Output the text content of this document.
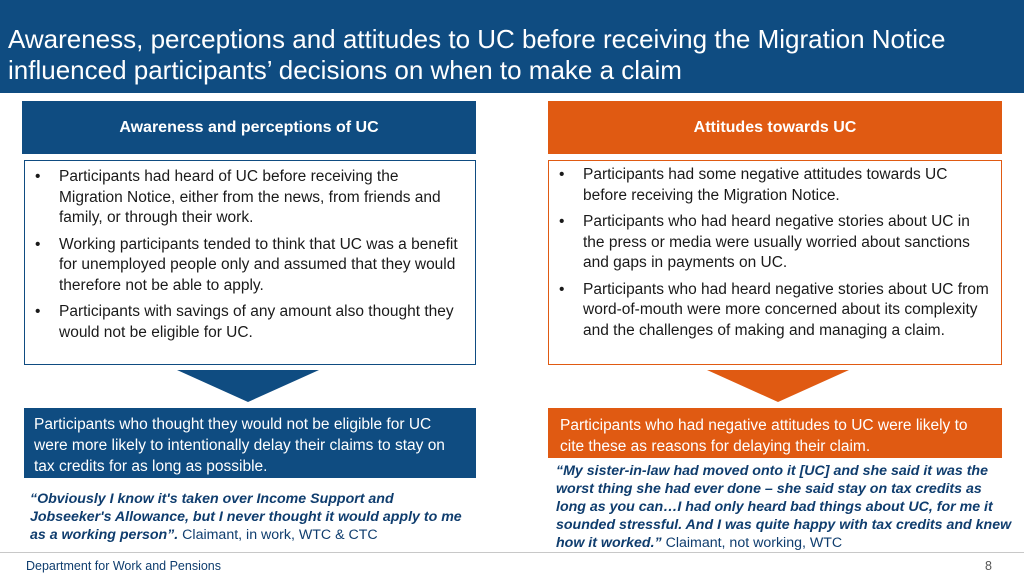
Awareness, perceptions and attitudes to UC before receiving the Migration Notice influenced participants’ decisions on when to make a claim
Awareness and perceptions of UC	Attitudes towards UC
• Participants had heard of UC before receiving the Migration Notice, either from the news, from friends and family, or through their work.
• Working participants tended to think that UC was a benefit for unemployed people only and assumed that they would therefore not be able to apply.
• Participants with savings of any amount also thought they would not be eligible for UC.
• Participants had some negative attitudes towards UC before receiving the Migration Notice.
• Participants who had heard negative stories about UC in the press or media were usually worried about sanctions and gaps in payments on UC.
• Participants who had heard negative stories about UC from word-of-mouth were more concerned about its complexity and the challenges of making and managing a claim.
Participants who thought they would not be eligible for UC were more likely to intentionally delay their claims to stay on tax credits for as long as possible.
Participants who had negative attitudes to UC were likely to cite these as reasons for delaying their claim.
“Obviously I know it's taken over Income Support and Jobseeker's Allowance, but I never thought it would apply to me as a working person”. Claimant, in work, WTC & CTC
“My sister-in-law had moved onto it [UC] and she said it was the worst thing she had ever done – she said stay on tax credits as long as you can…I had only heard bad things about UC, for me it sounded stressful. And I was quite happy with tax credits and knew how it worked.” Claimant, not working, WTC
Department for Work and Pensions	8
